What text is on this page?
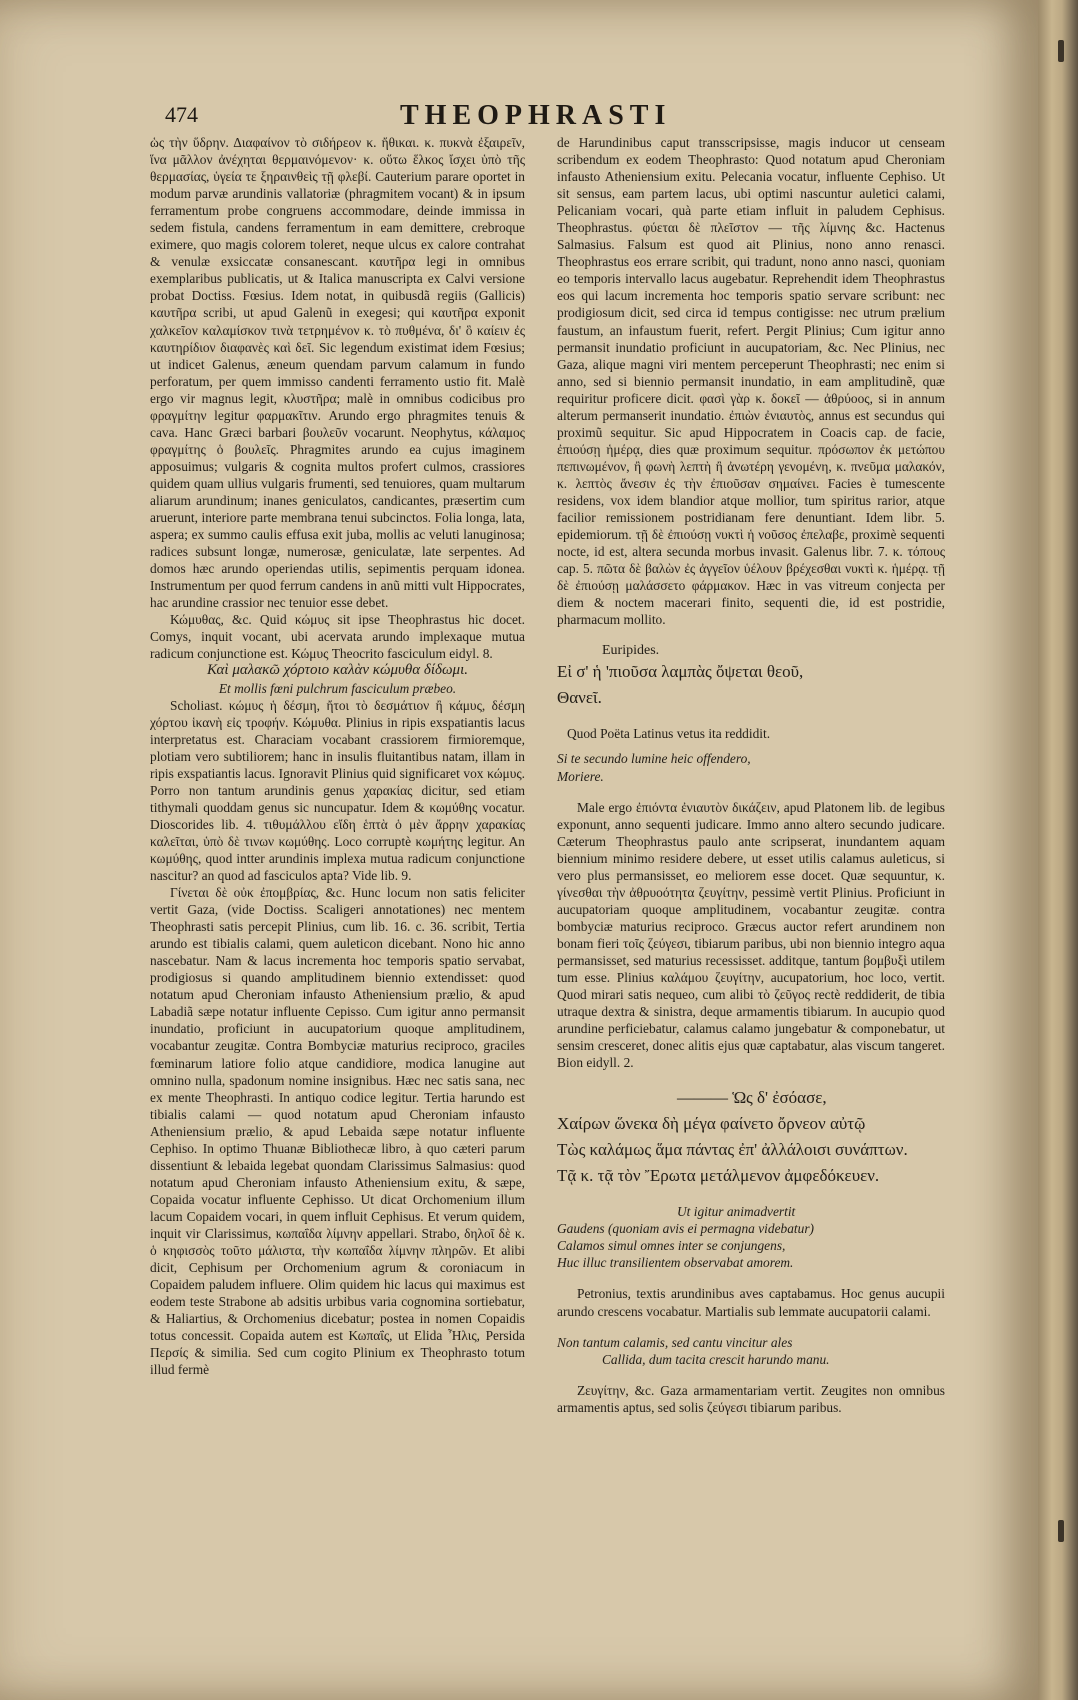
474	THEOPHRASTI

ὡς τὴν ὕδρην. Διαφαίνον τὸ σιδήρεον κ. ἤθικαι. κ. πυκνὰ ἐξαιρεῖν, ἵνα μᾶλλον ἀνέχηται θερμαινόμενον· κ. οὕτω ἕλκος ἴσχει ὑπὸ τῆς θερμασίας, ὑγεία τε ξηραινθεὶς τῇ φλεβί. Cauterium parare oportet in modum parvæ arundinis vallatoriæ (phragmitem vocant) & in ipsum ferramentum probe congruens accommodare, deinde immissa in sedem fistula, candens ferramentum in eam demittere, crebroque eximere, quo magis colorem toleret, neque ulcus ex calore contrahat & venulæ exsiccatæ consanescant. καυτῆρα legi in omnibus exemplaribus publicatis, ut & Italica manuscripta ex Calvi versione probat Doctiss. Fœsius. Idem notat, in quibusdã regiis (Gallicis) καυτῆρα scribi, ut apud Galenũ in exegesi; qui καυτῆρα exponit χαλκεῖον καλαμίσκον τινὰ τετρημένον κ. τὸ πυθμένα, δι' ὃ καίειν ἐς καυτηρίδιον διαφανὲς καὶ δεῖ. Sic legendum existimat idem Fœsius; ut indicet Galenus, æneum quendam parvum calamum in fundo perforatum, per quem immisso candenti ferramento ustio fit. Malè ergo vir magnus legit, κλυστῆρα; malè in omnibus codicibus pro φραγμίτην legitur φαρμακῖτιν. Arundo ergo phragmites tenuis & cava. Hanc Græci barbari βουλεῦν vocarunt. Neophytus, κάλαμος φραγμίτης ὁ βουλεῖς. Phragmites arundo ea cujus imaginem apposuimus; vulgaris & cognita multos profert culmos, crassiores quidem quam ullius vulgaris frumenti, sed tenuiores, quam multarum aliarum arundinum; inanes geniculatos, candicantes, præsertim cum aruerunt, interiore parte membrana tenui subcinctos. Folia longa, lata, aspera; ex summo caulis effusa exit juba, mollis ac veluti lanuginosa; radices subsunt longæ, numerosæ, geniculatæ, late serpentes. Ad domos hæc arundo operiendas utilis, sepimentis perquam idonea. Instrumentum per quod ferrum candens in anũ mitti vult Hippocrates, hac arundine crassior nec tenuior esse debet.

Κώμυθας, &c. Quid κώμυς sit ipse Theophrastus hic docet. Comys, inquit vocant, ubi acervata arundo implexaque mutua radicum conjunctione est. Κώμυς Theocrito fasciculum eidyl. 8.

Καὶ μαλακῶ χόρτοιο καλὰν κώμυθα δίδωμι.

Et mollis fœni pulchrum fasciculum præbeo.

Scholiast. κώμυς ἡ δέσμη, ἤτοι τὸ δεσμάτιον ἢ κάμυς, δέσμη χόρτου ἱκανὴ εἰς τροφήν. Κώμυθα. Plinius in ripis exspatiantis lacus interpretatus est. Characiam vocabant crassiorem firmioremque, plotiam vero subtiliorem; hanc in insulis fluitantibus natam, illam in ripis exspatiantis lacus. Ignoravit Plinius quid significaret vox κώμυς. Porro non tantum arundinis genus χαρακίας dicitur, sed etiam tithymali quoddam genus sic nuncupatur. Idem & κωμύθης vocatur. Dioscorides lib. 4. τιθυμάλλου εἴδη ἑπτὰ ὁ μὲν ἄρρην χαρακίας καλεῖται, ὑπὸ δὲ τινων κωμύθης. Loco corruptè κωμήτης legitur. An κωμύθης, quod intter arundinis implexa mutua radicum conjunctione nascitur? an quod ad fasciculos apta? Vide lib. 9.

Γίνεται δὲ οὐκ ἐπομβρίας, &c. Hunc locum non satis feliciter vertit Gaza, (vide Doctiss. Scaligeri annotationes) nec mentem Theophrasti satis percepit Plinius, cum lib. 16. c. 36. scribit, Tertia arundo est tibialis calami, quem auleticon dicebant. Nono hic anno nascebatur. Nam & lacus incrementa hoc temporis spatio servabat, prodigiosus si quando amplitudinem biennio extendisset: quod notatum apud Cheroniam infausto Atheniensium prælio, & apud Labadiã sæpe notatur influente Cepisso. Cum igitur anno permansit inundatio, proficiunt in aucupatorium quoque amplitudinem, vocabantur zeugitæ. Contra Bombyciæ maturius reciproco, graciles fœminarum latiore folio atque candidiore, modica lanugine aut omnino nulla, spadonum nomine insignibus. Hæc nec satis sana, nec ex mente Theophrasti. In antiquo codice legitur. Tertia harundo est tibialis calami — quod notatum apud Cheroniam infausto Atheniensium prælio, & apud Lebaida sæpe notatur influente Cephiso. In optimo Thuanæ Bibliothecæ libro, à quo cæteri parum dissentiunt & lebaida legebat quondam Clarissimus Salmasius: quod notatum apud Cheroniam infausto Atheniensium exitu, & sæpe, Copaida vocatur influente Cephisso. Ut dicat Orchomenium illum lacum Copaidem vocari, in quem influit Cephisus. Et verum quidem, inquit vir Clarissimus, κωπαΐδα λίμνην appellari. Strabo, δηλοῖ δὲ κ. ὁ κηφισσὸς τοῦτο μάλιστα, τὴν κωπαΐδα λίμνην πληρῶν. Et alibi dicit, Cephisum per Orchomenium agrum & coroniacum in Copaidem paludem influere. Olim quidem hic lacus qui maximus est eodem teste Strabone ab adsitis urbibus varia cognomina sortiebatur, & Haliartius, & Orchomenius dicebatur; postea in nomen Copaidis totus concessit. Copaida autem est Κωπαΐς, ut Elida Ἦλις, Persida Περσίς & similia. Sed cum cogito Plinium ex Theophrasto totum illud fermè

de Harundinibus caput transscripsisse, magis inducor ut censeam scribendum ex eodem Theophrasto: Quod notatum apud Cheroniam infausto Atheniensium exitu. Pelecania vocatur, influente Cephiso. Ut sit sensus, eam partem lacus, ubi optimi nascuntur auletici calami, Pelicaniam vocari, quà parte etiam influit in paludem Cephisus. Theophrastus. φύεται δὲ πλεῖστον — τῆς λίμνης &c. Hactenus Salmasius. Falsum est quod ait Plinius, nono anno renasci. Theophrastus eos errare scribit, qui tradunt, nono anno nasci, quoniam eo temporis intervallo lacus augebatur. Reprehendit idem Theophrastus eos qui lacum incrementa hoc temporis spatio servare scribunt: nec prodigiosum dicit, sed circa id tempus contigisse: nec utrum prælium faustum, an infaustum fuerit, refert. Pergit Plinius; Cum igitur anno permansit inundatio proficiunt in aucupatoriam, &c. Nec Plinius, nec Gaza, alique magni viri mentem perceperunt Theophrasti; nec enim si anno, sed si biennio permansit inundatio, in eam amplitudinẽ, quæ requiritur proficere dicit. φασὶ γὰρ κ. δοκεῖ — ἀθρύοος, si in annum alterum permanserit inundatio. ἐπιὼν ἐνιαυτὸς, annus est secundus qui proximũ sequitur. Sic apud Hippocratem in Coacis cap. de facie, ἐπιούσῃ ἡμέρᾳ, dies quæ proximum sequitur. πρόσωπον ἐκ μετώπου πεπινωμένον, ἢ φωνὴ λεπτὴ ἢ ἀνωτέρη γενομένη, κ. πνεῦμα μαλακόν, κ. λεπτὸς ἄνεσιν ἐς τὴν ἐπιοῦσαν σημαίνει. Facies è tumescente residens, vox idem blandior atque mollior, tum spiritus rarior, atque facilior remissionem postridianam fere denuntiant. Idem libr. 5. epidemiorum. τῇ δὲ ἐπιούσῃ νυκτὶ ἡ νοῦσος ἐπελαβε, proximè sequenti nocte, id est, altera secunda morbus invasit. Galenus libr. 7. κ. τόπους cap. 5. πῶτα δὲ βαλὼν ἐς ἀγγεῖον ὑέλουν βρέχεσθαι νυκτὶ κ. ἡμέρᾳ. τῇ δὲ ἐπιούσῃ μαλάσσετο φάρμακον. Hæc in vas vitreum conjecta per diem & noctem macerari finito, sequenti die, id est postridie, pharmacum mollito.

Euripides.

Εἰ σ' ἡ 'πιοῦσα λαμπὰς ὄψεται θεοῦ,

Θανεῖ.

Quod Poëta Latinus vetus ita reddidit.

Si te secundo lumine heic offendero,

Moriere.

Male ergo ἐπιόντα ἐνιαυτὸν δικάζειν, apud Platonem lib. de legibus exponunt, anno sequenti judicare. Immo anno altero secundo judicare. Cæterum Theophrastus paulo ante scripserat, inundantem aquam biennium minimo residere debere, ut esset utilis calamus auleticus, si vero plus permansisset, eo meliorem esse docet. Quæ sequuntur, κ. γίνεσθαι τὴν ἀθρυοότητα ζευγίτην, pessimè vertit Plinius. Proficiunt in aucupatoriam quoque amplitudinem, vocabantur zeugitæ. contra bombyciæ maturius reciproco. Græcus auctor refert arundinem non bonam fieri τοῖς ζεύγεσι, tibiarum paribus, ubi non biennio integro aqua permansisset, sed maturius recessisset. additque, tantum βομβυξὶ utilem tum esse. Plinius καλάμου ζευγίτην, aucupatorium, hoc loco, vertit. Quod mirari satis nequeo, cum alibi τὸ ζεῦγος rectè reddiderit, de tibia utraque dextra & sinistra, deque armamentis tibiarum. In aucupio quod arundine perficiebatur, calamus calamo jungebatur & componebatur, ut sensim cresceret, donec alitis ejus quæ captabatur, alas viscum tangeret. Bion eidyll. 2.

——— Ὡς δ' ἐσόασε,

Χαίρων ὥνεκα δὴ μέγα φαίνετο ὄρνεον αὐτῷ

Τὼς καλάμως ἅμα πάντας ἐπ' ἀλλάλοισι συνάπτων.

Τᾷ κ. τᾷ τὸν Ἔρωτα μετάλμενον ἀμφεδόκευεν.

Ut igitur animadvertit

Gaudens (quoniam avis ei permagna videbatur)

Calamos simul omnes inter se conjungens,

Huc illuc transilientem observabat amorem.

Petronius, textis arundinibus aves captabamus. Hoc genus aucupii arundo crescens vocabatur. Martialis sub lemmate aucupatorii calami.

Non tantum calamis, sed cantu vincitur ales

Callida, dum tacita crescit harundo manu.

Ζευγίτην, &c. Gaza armamentariam vertit. Zeugites non omnibus armamentis aptus, sed solis ζεύγεσι tibiarum paribus.
